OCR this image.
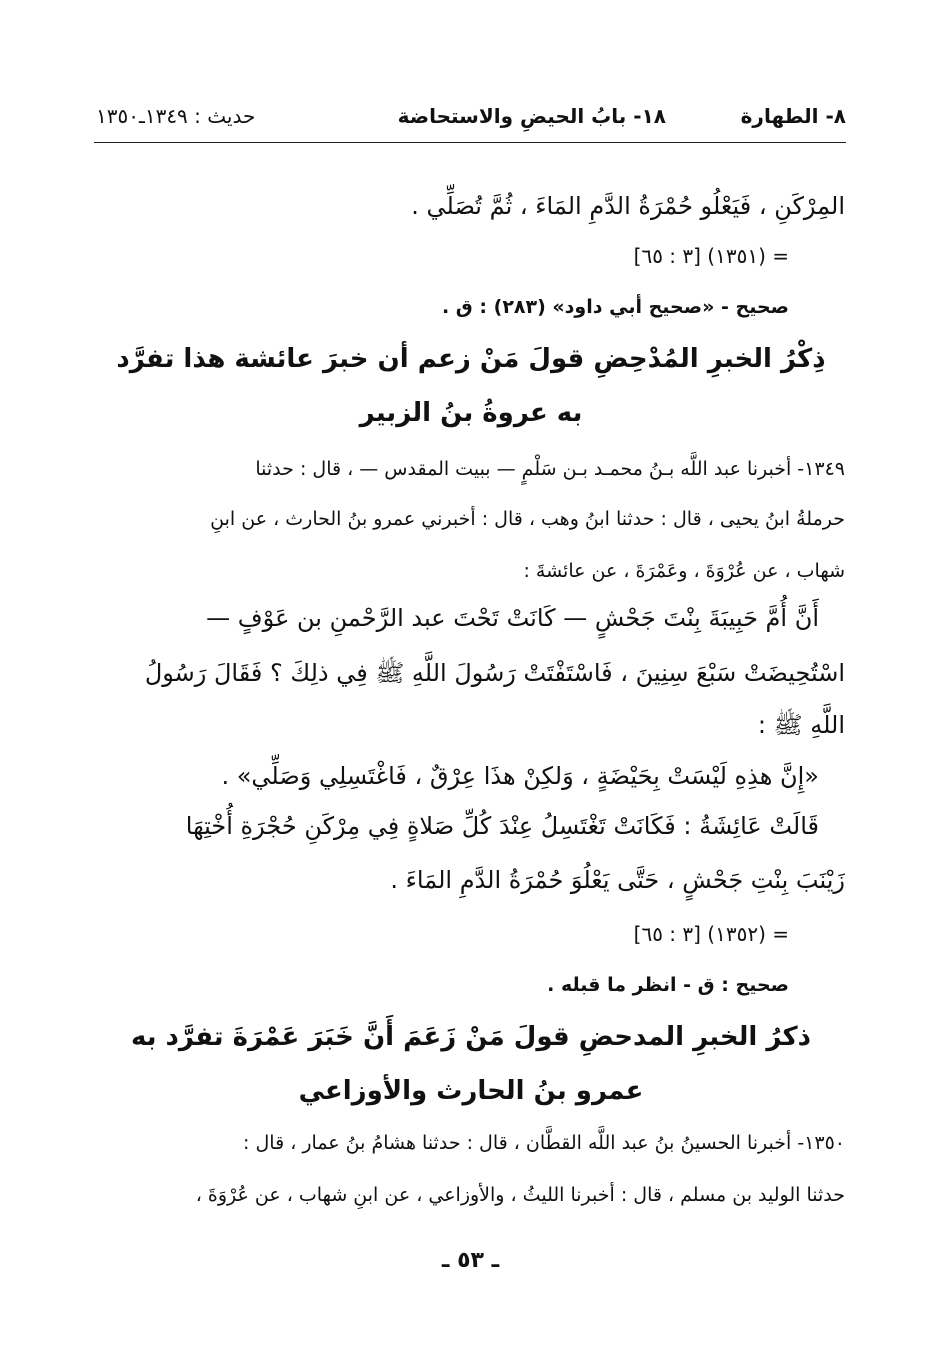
٨- الطهارة
١٨- بابُ الحيضِ والاستحاضة
حديث : ١٣٤٩ـ١٣٥٠
المِرْكَنِ ، فَيَعْلُو حُمْرَةُ الدَّمِ المَاءَ ، ثُمَّ تُصَلِّي .
= (١٣٥١) [٣ : ٦٥]
صحيح - «صحيح أبي داود» (٢٨٣) : ق .
ذِكْرُ الخبرِ المُدْحِضِ قولَ مَنْ زعم أن خبرَ عائشة هذا تفرَّد
به عروةُ بنُ الزبير
١٣٤٩- أخبرنا عبد اللَّه بـنُ محمـد بـن سَلْمٍ — ببيت المقدس — ، قال : حدثنا
حرملةُ ابنُ يحيى ، قال : حدثنا ابنُ وهب ، قال : أخبرني عمرو بنُ الحارث ، عن ابنِ
شهاب ، عن عُرْوَةَ ، وعَمْرَةَ ، عن عائشةَ :
أَنَّ أُمَّ حَبِيبَةَ بِنْتَ جَحْشٍ — كَانَتْ تَحْتَ عبد الرَّحْمنِ بن عَوْفٍ —
اسْتُحِيضَتْ سَبْعَ سِنِينَ ، فَاسْتَفْتَتْ رَسُولَ اللَّهِ ﷺ فِي ذلِكَ ؟ فَقَالَ رَسُولُ
اللَّهِ ﷺ :
«إِنَّ هذِهِ لَيْسَتْ بِحَيْضَةٍ ، وَلكِنْ هذَا عِرْقٌ ، فَاغْتَسِلِي وَصَلِّي» .
قَالَتْ عَائِشَةُ : فَكَانَتْ تَغْتَسِلُ عِنْدَ كُلِّ صَلاةٍ فِي مِرْكَنِ حُجْرَةِ أُخْتِهَا
زَيْنَبَ بِنْتِ جَحْشٍ ، حَتَّى يَعْلُوَ حُمْرَةُ الدَّمِ المَاءَ .
= (١٣٥٢) [٣ : ٦٥]
صحيح : ق - انظر ما قبله .
ذكرُ الخبرِ المدحضِ قولَ مَنْ زَعَمَ أَنَّ خَبَرَ عَمْرَةَ تفرَّد به
عمرو بنُ الحارث والأوزاعي
١٣٥٠- أخبرنا الحسينُ بنُ عبد اللَّه القطَّان ، قال : حدثنا هشامُ بنُ عمار ، قال :
حدثنا الوليد بن مسلم ، قال : أخبرنا الليثُ ، والأوزاعي ، عن ابنِ شهاب ، عن عُرْوَةَ ،
ـ ٥٣ ـ
